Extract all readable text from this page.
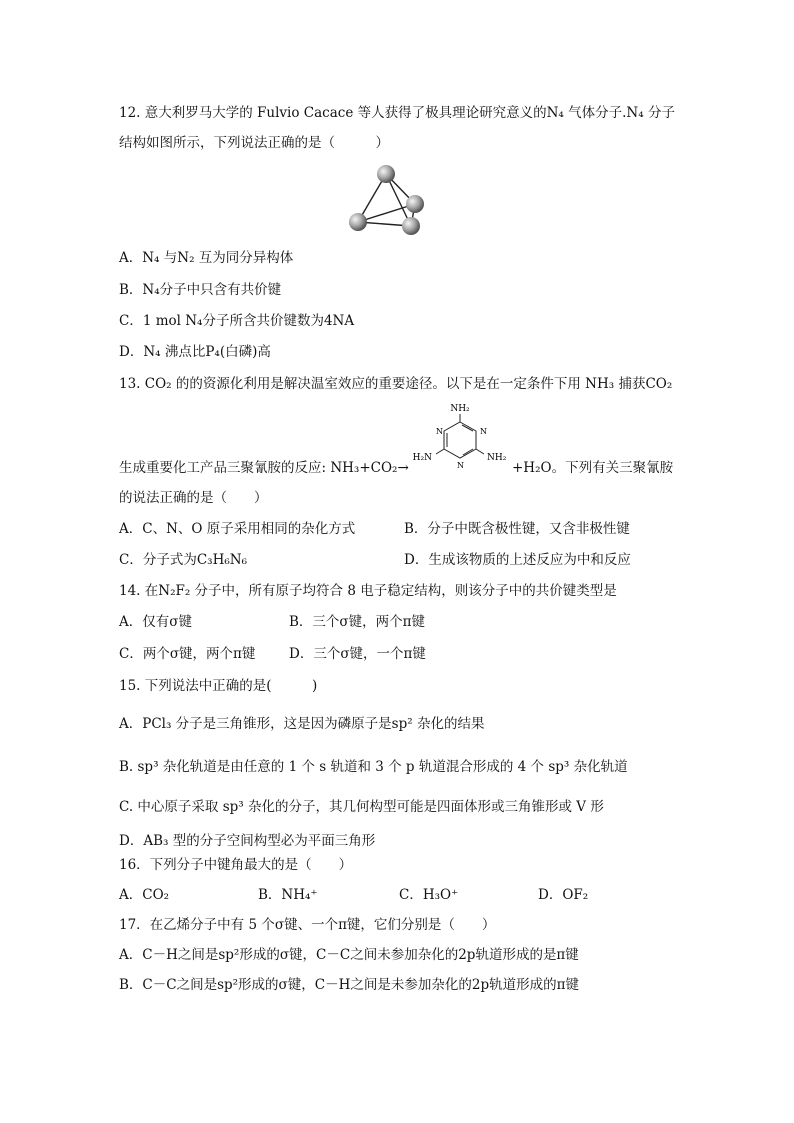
12. 意大利罗马大学的 Fulvio Cacace 等人获得了极具理论研究意义的N₄ 气体分子.N₄ 分子
结构如图所示，下列说法正确的是（　　　）
A．N₄ 与N₂ 互为同分异构体
B．N₄分子中只含有共价键
C．1 mol N₄分子所含共价键数为4NA
D．N₄ 沸点比P₄(白磷)高
13. CO₂ 的的资源化利用是解决温室效应的重要途径。以下是在一定条件下用 NH₃ 捕获CO₂
NH₂
H₂N	NH₂
N
N
N
生成重要化工产品三聚氰胺的反应: NH₃+CO₂→	+H₂O。下列有关三聚氰胺
的说法正确的是（　　）
A．C、N、O 原子采用相同的杂化方式	B．分子中既含极性键，又含非极性键
C．分子式为C₃H₆N₆	D．生成该物质的上述反应为中和反应
14. 在N₂F₂ 分子中，所有原子均符合 8 电子稳定结构，则该分子中的共价键类型是
A．仅有σ键	B．三个σ键，两个π键
C．两个σ键，两个π键 D．三个σ键，一个π键
15. 下列说法中正确的是(　　　)
A．PCl₃ 分子是三角锥形，这是因为磷原子是sp² 杂化的结果
B. sp³ 杂化轨道是由任意的 1 个 s 轨道和 3 个 p 轨道混合形成的 4 个 sp³ 杂化轨道
C. 中心原子采取 sp³ 杂化的分子，其几何构型可能是四面体形或三角锥形或 V 形
D．AB₃ 型的分子空间构型必为平面三角形
16．下列分子中键角最大的是（　　）
A．CO₂	B．NH₄⁺	C．H₃O⁺	D．OF₂
17．在乙烯分子中有 5 个σ键、一个π键，它们分别是（　　）
A．C－H之间是sp²形成的σ键，C－C之间未参加杂化的2p轨道形成的是π键
B．C－C之间是sp²形成的σ键，C－H之间是未参加杂化的2p轨道形成的π键
